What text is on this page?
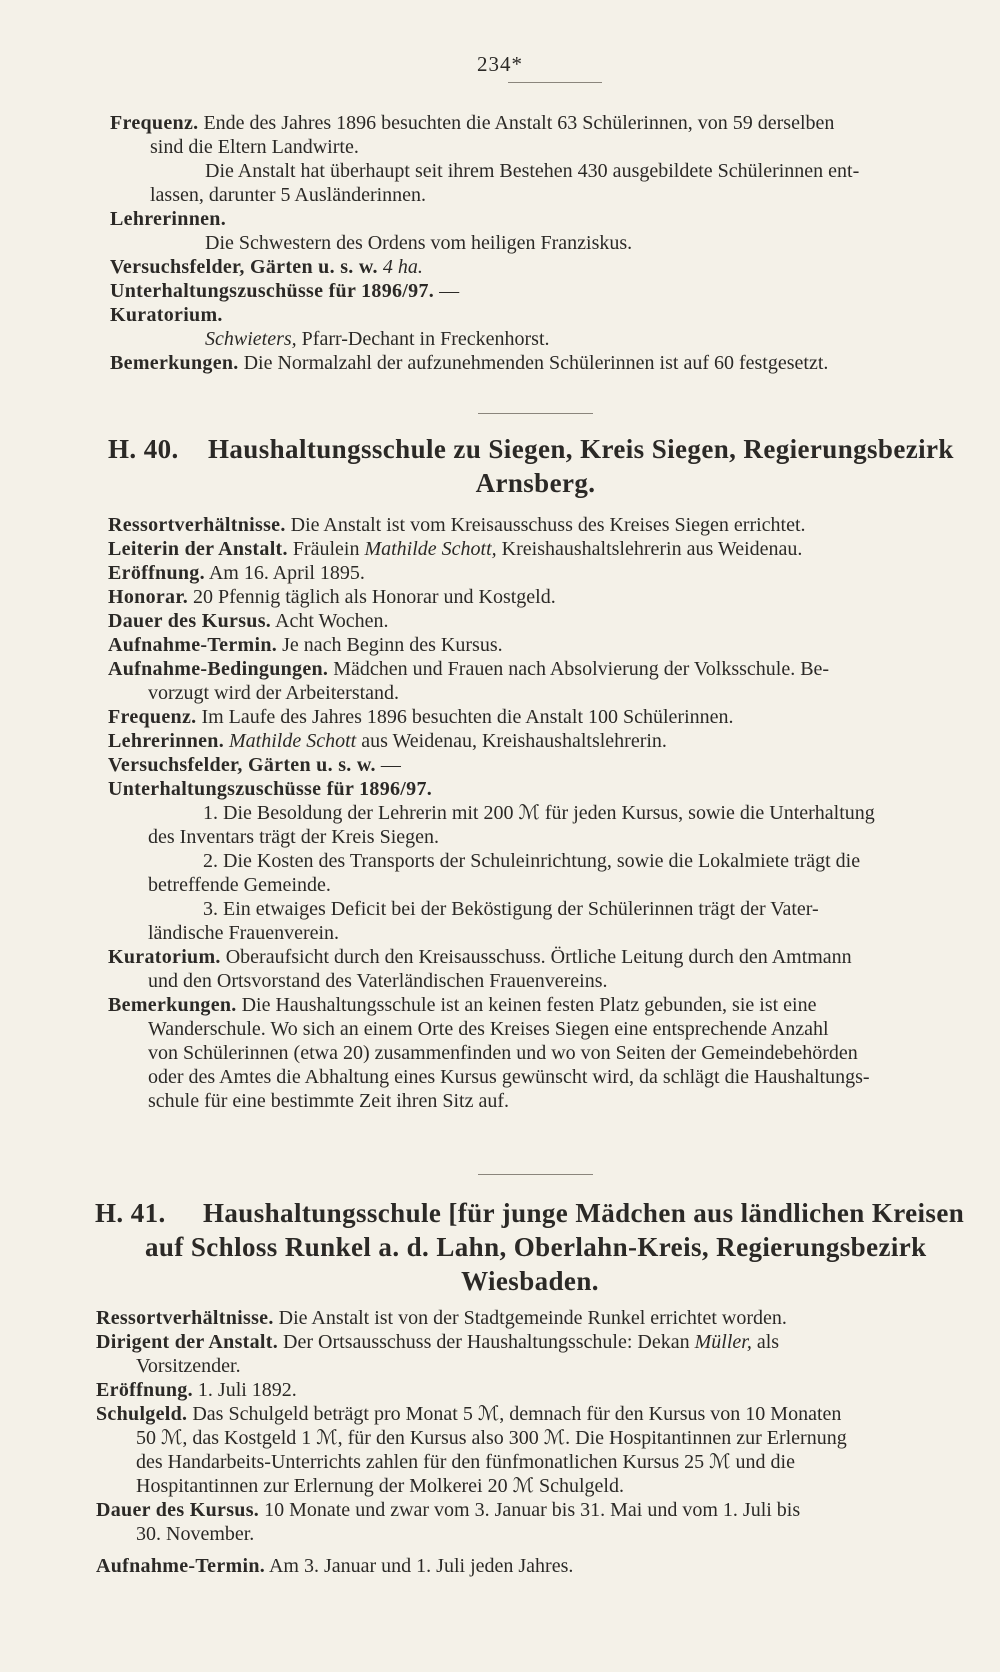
234*
Frequenz. Ende des Jahres 1896 besuchten die Anstalt 63 Schülerinnen, von 59 derselben
sind die Eltern Landwirte.
Die Anstalt hat überhaupt seit ihrem Bestehen 430 ausgebildete Schülerinnen ent-
lassen, darunter 5 Ausländerinnen.
Lehrerinnen.
Die Schwestern des Ordens vom heiligen Franziskus.
Versuchsfelder, Gärten u. s. w. 4 ha.
Unterhaltungszuschüsse für 1896/97. —
Kuratorium.
Schwieters, Pfarr-Dechant in Freckenhorst.
Bemerkungen. Die Normalzahl der aufzunehmenden Schülerinnen ist auf 60 festgesetzt.
H. 40. Haushaltungsschule zu Siegen, Kreis Siegen, Regierungsbezirk
Arnsberg.
Ressortverhältnisse. Die Anstalt ist vom Kreisausschuss des Kreises Siegen errichtet.
Leiterin der Anstalt. Fräulein Mathilde Schott, Kreishaushaltslehrerin aus Weidenau.
Eröffnung. Am 16. April 1895.
Honorar. 20 Pfennig täglich als Honorar und Kostgeld.
Dauer des Kursus. Acht Wochen.
Aufnahme-Termin. Je nach Beginn des Kursus.
Aufnahme-Bedingungen. Mädchen und Frauen nach Absolvierung der Volksschule. Be-
vorzugt wird der Arbeiterstand.
Frequenz. Im Laufe des Jahres 1896 besuchten die Anstalt 100 Schülerinnen.
Lehrerinnen. Mathilde Schott aus Weidenau, Kreishaushaltslehrerin.
Versuchsfelder, Gärten u. s. w. —
Unterhaltungszuschüsse für 1896/97.
1. Die Besoldung der Lehrerin mit 200 ℳ für jeden Kursus, sowie die Unterhaltung
des Inventars trägt der Kreis Siegen.
2. Die Kosten des Transports der Schuleinrichtung, sowie die Lokalmiete trägt die
betreffende Gemeinde.
3. Ein etwaiges Deficit bei der Beköstigung der Schülerinnen trägt der Vater-
ländische Frauenverein.
Kuratorium. Oberaufsicht durch den Kreisausschuss. Örtliche Leitung durch den Amtmann
und den Ortsvorstand des Vaterländischen Frauenvereins.
Bemerkungen. Die Haushaltungsschule ist an keinen festen Platz gebunden, sie ist eine
Wanderschule. Wo sich an einem Orte des Kreises Siegen eine entsprechende Anzahl
von Schülerinnen (etwa 20) zusammenfinden und wo von Seiten der Gemeindebehörden
oder des Amtes die Abhaltung eines Kursus gewünscht wird, da schlägt die Haushaltungs-
schule für eine bestimmte Zeit ihren Sitz auf.
H. 41. Haushaltungsschule [für junge Mädchen aus ländlichen Kreisen
auf Schloss Runkel a. d. Lahn, Oberlahn-Kreis, Regierungsbezirk
Wiesbaden.
Ressortverhältnisse. Die Anstalt ist von der Stadtgemeinde Runkel errichtet worden.
Dirigent der Anstalt. Der Ortsausschuss der Haushaltungsschule: Dekan Müller, als
Vorsitzender.
Eröffnung. 1. Juli 1892.
Schulgeld. Das Schulgeld beträgt pro Monat 5 ℳ, demnach für den Kursus von 10 Monaten
50 ℳ, das Kostgeld 1 ℳ, für den Kursus also 300 ℳ. Die Hospitantinnen zur Erlernung
des Handarbeits-Unterrichts zahlen für den fünfmonatlichen Kursus 25 ℳ und die
Hospitantinnen zur Erlernung der Molkerei 20 ℳ Schulgeld.
Dauer des Kursus. 10 Monate und zwar vom 3. Januar bis 31. Mai und vom 1. Juli bis
30. November.
Aufnahme-Termin. Am 3. Januar und 1. Juli jeden Jahres.
